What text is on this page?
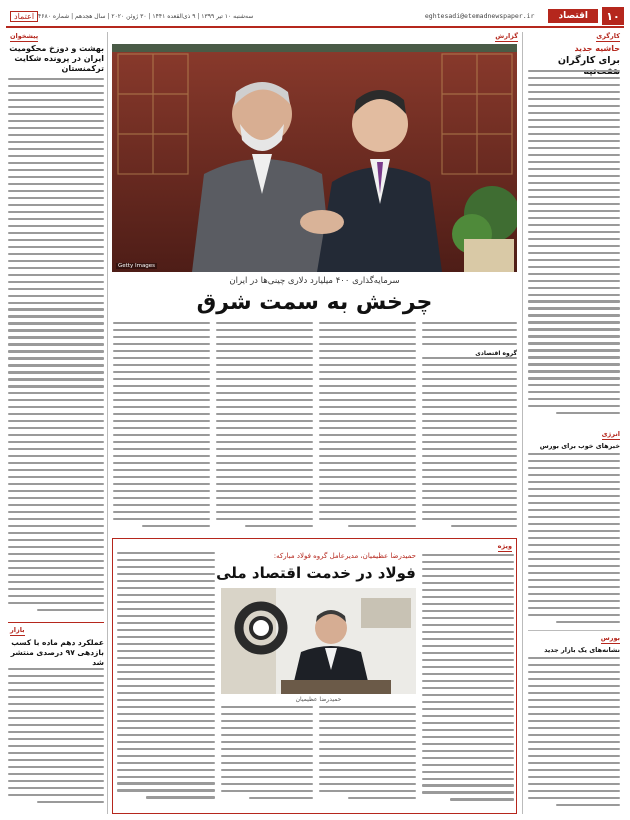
۱۰
اقتصاد
eghtesadi@etemadnewspaper.ir
سه‌شنبه ۱۰ تیر ۱۳۹۹ | ۹ ذی‌القعده ۱۴۴۱ | ۳۰ ژوئن ۲۰۲۰ | سال هجدهم | شماره ۴۶۸۰
اعتماد
کارگری
حاشیه جدید
برای کارگران
انرژی
خبرهای خوب برای بورس
بورس
نشانه‌های یک بازار جدید
گزارش
Getty Images
سرمایه‌گذاری ۴۰۰ میلیارد دلاری چینی‌ها در ایران
چرخش به سمت شرق
گروه اقتصادی
ویژه
حمیدرضا عظیمیان، مدیرعامل گروه فولاد مبارکه:
فولاد در خدمت اقتصاد ملی
حمیدرضا عظیمیان
پیشخوان
بهشت و دوزخ محکومیت ایران در پرونده شکایت ترکمنستان
بازار
عملکرد دهم ماده با کسب بازدهی ۹۷ درصدی منتشر شد
